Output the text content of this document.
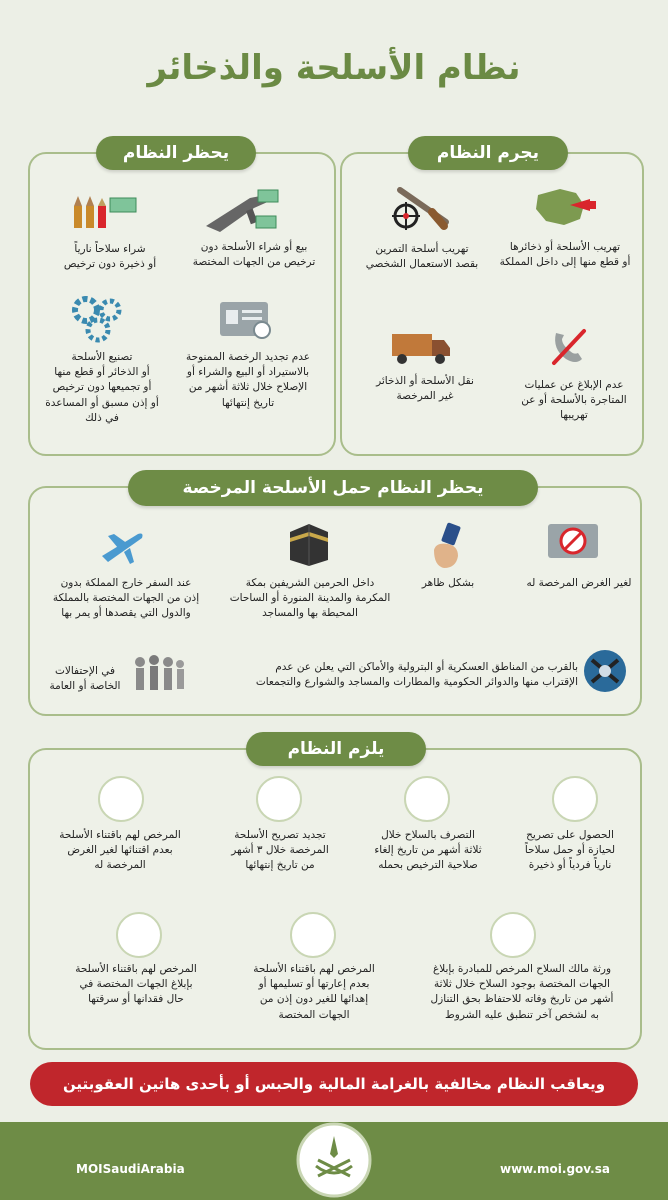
نظام الأسلحة والذخائر
يجرم النظام
يحظر النظام
تهريب الأسلحة أو ذخائرها
أو قطع منها إلى داخل المملكة
تهريب أسلحة التمرين
بقصد الاستعمال الشخصي
عدم الإبلاغ عن عمليات
المتاجرة بالأسلحة أو عن
تهريبها
نقل الأسلحة أو الذخائر
غير المرخصة
بيع أو شراء الأسلحة دون
ترخيص من الجهات المختصة
شراء سلاحاً نارياً
أو ذخيرة دون ترخيص
عدم تجديد الرخصة الممنوحة
بالاستيراد أو البيع والشراء أو
الإصلاح خلال ثلاثة أشهر من
تاريخ إنتهائها
تصنيع الأسلحة
أو الذخائر أو قطع منها
أو تجميعها دون ترخيص
أو إذن مسبق أو المساعدة
في ذلك
يحظر النظام حمل الأسلحة المرخصة
لغير الغرض المرخصة له
بشكل ظاهر
داخل الحرمين الشريفين بمكة
المكرمة والمدينة المنورة أو الساحات
المحيطة بها والمساجد
عند السفر خارج المملكة بدون
إذن من الجهات المختصة بالمملكة
والدول التي يقصدها أو يمر بها
بالقرب من المناطق العسكرية أو البترولية والأماكن التي يعلن عن عدم
الإقتراب منها والدوائر الحكومية والمطارات والمساجد والشوارع والتجمعات
في الإحتفالات
الخاصة أو العامة
يلزم النظام
الحصول على تصريح
لحيازة أو حمل سلاحاً
نارياً فردياً أو ذخيرة
التصرف بالسلاح خلال
ثلاثة أشهر من تاريخ إلغاء
صلاحية الترخيص بحمله
تجديد تصريح الأسلحة
المرخصة خلال ٣ أشهر
من تاريخ إنتهائها
المرخص لهم باقتناء الأسلحة
بعدم اقتنائها لغير الغرض
المرخصة له
ورثة مالك السلاح المرخص للمبادرة بإبلاغ
الجهات المختصة بوجود السلاح خلال ثلاثة
أشهر من تاريخ وفاته للاحتفاظ بحق التنازل
به لشخص آخر تنطبق عليه الشروط
المرخص لهم باقتناء الأسلحة
بعدم إعارتها أو تسليمها أو
إهدائها للغير دون إذن من
الجهات المختصة
المرخص لهم باقتناء الأسلحة
بإبلاغ الجهات المختصة في
حال فقدانها أو سرقتها
ويعاقب النظام مخالفية بالغرامة المالية والحبس أو بأحدى هاتين العقوبتين
MOISaudiArabia	www.moi.gov.sa
